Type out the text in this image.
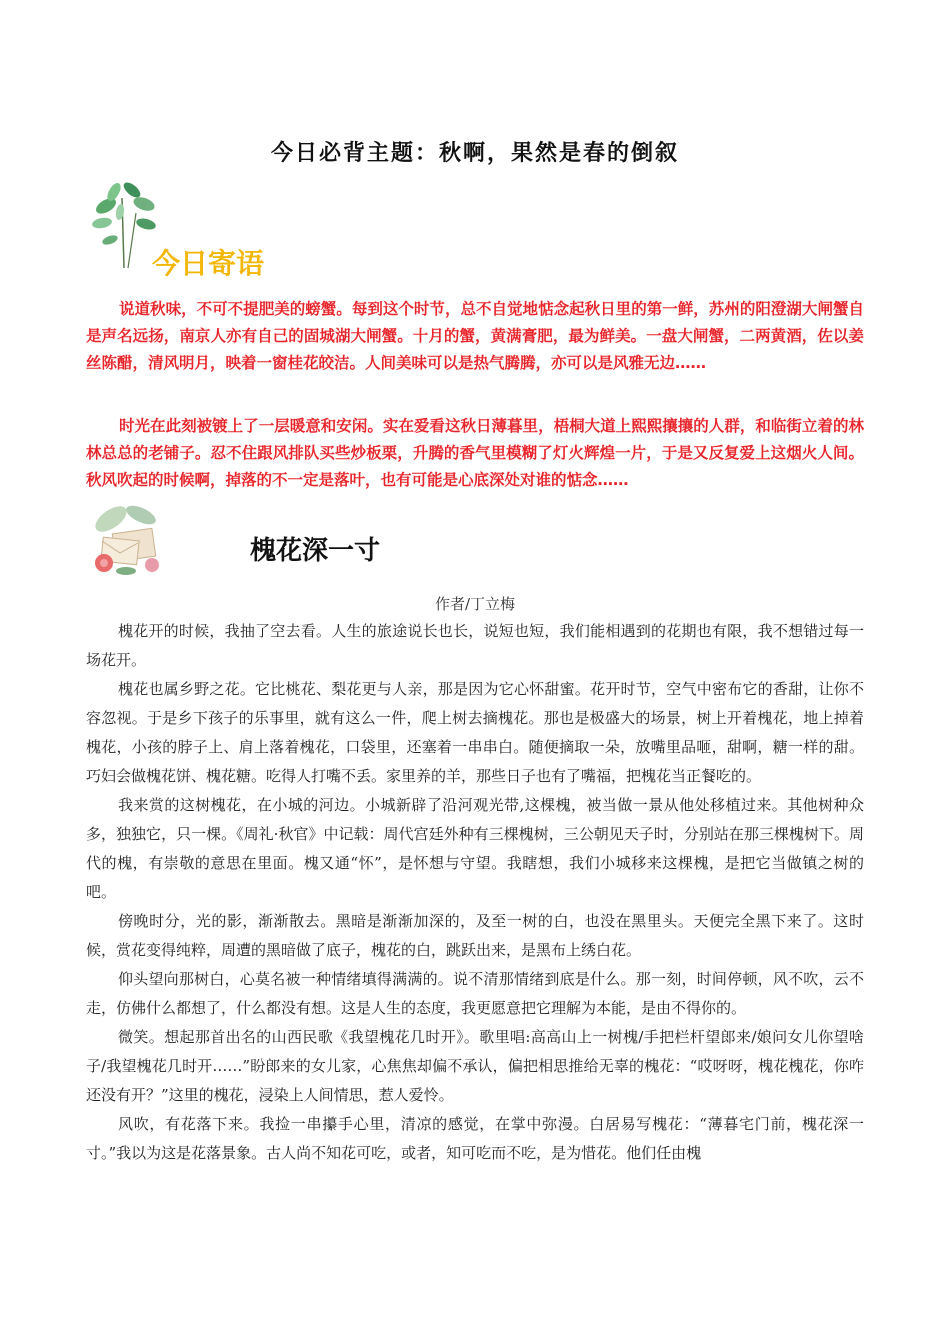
今日必背主题：秋啊，果然是春的倒叙
今日寄语

说道秋味，不可不提肥美的螃蟹。每到这个时节，总不自觉地惦念起秋日里的第一鲜，苏州的阳澄湖大闸蟹自是声名远扬，南京人亦有自己的固城湖大闸蟹。十月的蟹，黄满膏肥，最为鲜美。一盘大闸蟹，二两黄酒，佐以姜丝陈醋，清风明月，映着一窗桂花皎洁。人间美味可以是热气腾腾，亦可以是风雅无边……

时光在此刻被镀上了一层暖意和安闲。实在爱看这秋日薄暮里，梧桐大道上熙熙攘攘的人群，和临街立着的林林总总的老铺子。忍不住跟风排队买些炒板栗，升腾的香气里模糊了灯火辉煌一片，于是又反复爱上这烟火人间。秋风吹起的时候啊，掉落的不一定是落叶，也有可能是心底深处对谁的惦念……

槐花深一寸
作者/丁立梅

槐花开的时候，我抽了空去看。人生的旅途说长也长，说短也短，我们能相遇到的花期也有限，我不想错过每一场花开。

槐花也属乡野之花。它比桃花、梨花更与人亲，那是因为它心怀甜蜜。花开时节，空气中密布它的香甜，让你不容忽视。于是乡下孩子的乐事里，就有这么一件，爬上树去摘槐花。那也是极盛大的场景，树上开着槐花，地上掉着槐花，小孩的脖子上、肩上落着槐花，口袋里，还塞着一串串白。随便摘取一朵，放嘴里品咂，甜啊，糖一样的甜。巧妇会做槐花饼、槐花糖。吃得人打嘴不丢。家里养的羊，那些日子也有了嘴福，把槐花当正餐吃的。

我来赏的这树槐花，在小城的河边。小城新辟了沿河观光带,这棵槐，被当做一景从他处移植过来。其他树种众多，独独它，只一棵。《周礼·秋官》中记载：周代宫廷外种有三棵槐树，三公朝见天子时，分别站在那三棵槐树下。周代的槐，有崇敬的意思在里面。槐又通“怀”，是怀想与守望。我瞎想，我们小城移来这棵槐，是把它当做镇之树的吧。

傍晚时分，光的影，渐渐散去。黑暗是渐渐加深的，及至一树的白，也没在黑里头。天便完全黑下来了。这时候，赏花变得纯粹，周遭的黑暗做了底子，槐花的白，跳跃出来，是黑布上绣白花。

仰头望向那树白，心莫名被一种情绪填得满满的。说不清那情绪到底是什么。那一刻，时间停顿，风不吹，云不走，仿佛什么都想了，什么都没有想。这是人生的态度，我更愿意把它理解为本能，是由不得你的。

微笑。想起那首出名的山西民歌《我望槐花几时开》。歌里唱:高高山上一树槐/手把栏杆望郎来/娘问女儿你望啥子/我望槐花几时开……”盼郎来的女儿家，心焦焦却偏不承认，偏把相思推给无辜的槐花：“哎呀呀，槐花槐花，你咋还没有开？”这里的槐花，浸染上人间情思，惹人爱怜。

风吹，有花落下来。我捡一串攥手心里，清凉的感觉，在掌中弥漫。白居易写槐花：“薄暮宅门前，槐花深一寸。”我以为这是花落景象。古人尚不知花可吃，或者，知可吃而不吃，是为惜花。他们任由槐
